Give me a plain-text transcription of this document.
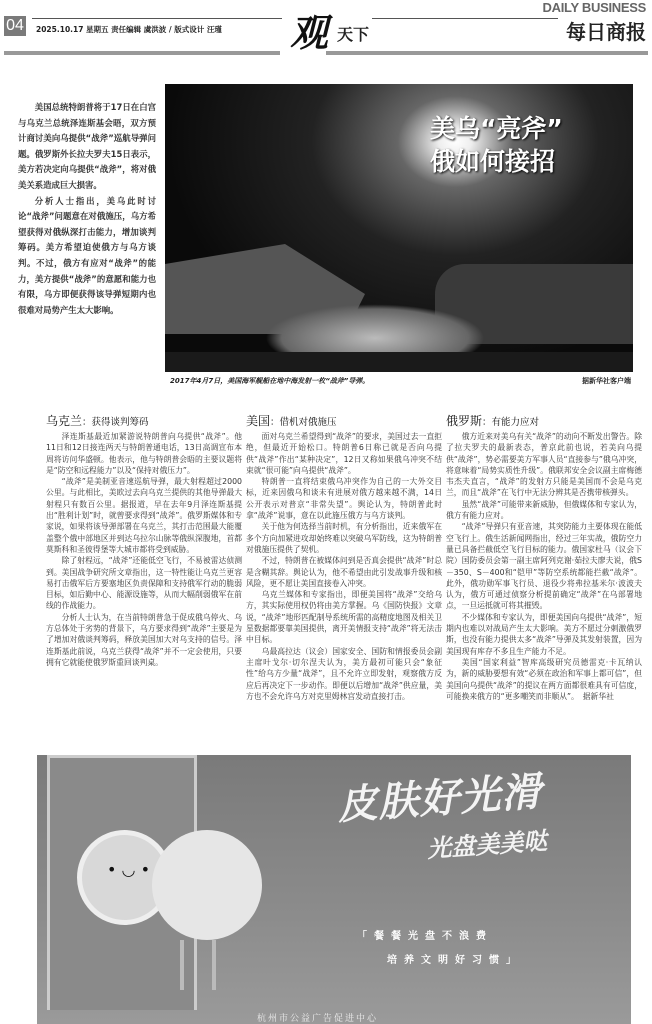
04 2025.10.17 星期五 责任编辑 虞洪波 / 版式设计 汪瑾 观 天下
DAILY BUSINESS
每日商报

美国总统特朗普将于17日在白宫与乌克兰总统泽连斯基会晤，双方预计商讨美向乌提供“战斧”巡航导弹问题。俄罗斯外长拉夫罗夫15日表示，美方若决定向乌提供“战斧”，将对俄美关系造成巨大损害。

分析人士指出，美乌此时讨论“战斧”问题意在对俄施压，乌方希望获得对俄纵深打击能力，增加谈判筹码。美方希望迫使俄方与乌方谈判。不过，俄方有应对“战斧”的能力，美方提供“战斧”的意愿和能力也有限，乌方即便获得该导弹短期内也很难对局势产生太大影响。

美乌“亮斧”
俄如何接招
2017年4月7日，美国海军舰船在地中海发射一枚“战斧”导弹。	据新华社客户端
乌克兰：获得谈判筹码

泽连斯基最近加紧游说特朗普向乌提供“战斧”。他11日和12日接连两天与特朗普通电话，13日高调宣布本周将访问华盛顿。他表示，他与特朗普会晤的主要议题将是“防空和远程能力”以及“保持对俄压力”。

“战斧”是美制亚音速巡航导弹，最大射程超过2000公里。与此相比，美欧过去向乌克兰提供的其他导弹最大射程只有数百公里。据报道，早在去年9月泽连斯基提出“胜利计划”时，就曾要求得到“战斧”。俄罗斯媒体和专家说，如果将该导弹部署在乌克兰，其打击范围最大能覆盖整个俄中部地区并到达乌拉尔山脉等俄纵深腹地，首都莫斯科和圣彼得堡等大城市都将受到威胁。

除了射程远，“战斧”还能低空飞行，不易被雷达侦测到。美国战争研究所文章指出，这一特性能让乌克兰更容易打击俄军后方要塞地区负责保障和支持俄军行动的脆弱目标，如后勤中心、能源设施等，从而大幅削弱俄军在前线的作战能力。

分析人士认为，在当前特朗普急于促成俄乌停火、乌方总体处于劣势的背景下，乌方要求得到“战斧”主要是为了增加对俄谈判筹码，释放美国加大对乌支持的信号。泽连斯基此前说，乌克兰获得“战斧”并不一定会使用，只要拥有它就能使俄罗斯重回谈判桌。

美国：借机对俄施压

面对乌克兰希望得到“战斧”的要求，美国过去一直拒绝，但最近开始松口。特朗普6日称已就是否向乌提供“战斧”作出“某种决定”，12日又称如果俄乌冲突不结束就“很可能”向乌提供“战斧”。

特朗普一直将结束俄乌冲突作为自己的一大外交目标，近来因俄乌和谈未有进展对俄方越来越不满，14日公开表示对普京“非常失望”。舆论认为，特朗普此时拿“战斧”说事，意在以此施压俄方与乌方谈判。

关于他为何选择当前时机，有分析指出，近来俄军在多个方向加紧进攻却始终难以突破乌军防线，这为特朗普对俄施压提供了契机。

不过，特朗普在被媒体问到是否真会提供“战斧”时总是含糊其辞。舆论认为，他不希望由此引发战事升级和核风险，更不愿让美国直接卷入冲突。

乌克兰媒体和专家指出，即便美国将“战斧”交给乌方，其实际使用权仍将由美方掌握。乌《国防快报》文章说，“战斧”地形匹配制导系统所需的高精度地图及相关卫星数据都要靠美国提供，离开美情报支持“战斧”将无法击中目标。

乌最高拉达（议会）国家安全、国防和情报委员会副主席叶戈尔·切尔涅夫认为，美方最初可能只会“象征性”给乌方少量“战斧”，且不允许立即发射，观察俄方反应后再决定下一步动作。即便以后增加“战斧”供应量，美方也不会允许乌方对克里姆林宫发动直接打击。

俄罗斯：有能力应对

俄方近来对美乌有关“战斧”的动向不断发出警告。除了拉夫罗夫的最新表态，普京此前也说，若美向乌提供“战斧”，势必需要美方军事人员“直接参与”俄乌冲突，将意味着“局势实质性升级”。俄联邦安全会议副主席梅德韦杰夫直言，“战斧”的发射方只能是美国而不会是乌克兰，而且“战斧”在飞行中无法分辨其是否携带核弹头。

虽然“战斧”可能带来新威胁，但俄媒体和专家认为，俄方有能力应对。

“战斧”导弹只有亚音速，其突防能力主要体现在能低空飞行上。俄生活新闻网指出，经过三年实战，俄防空力量已具备拦截低空飞行目标的能力。俄国家杜马（议会下院）国防委员会第一副主席阿列克谢·茹拉夫廖夫说，俄S－350、S－400和“铠甲”等防空系统都能拦截“战斧”。此外，俄功勋军事飞行员、退役少将弗拉基米尔·波波夫认为，俄方可通过侦察分析提前确定“战斧”在乌部署地点，一旦运抵就可将其摧毁。

不少媒体和专家认为，即便美国向乌提供“战斧”，短期内也难以对战局产生太大影响。美方不愿过分刺激俄罗斯，也没有能力提供太多“战斧”导弹及其发射装置，因为美国现有库存不多且生产能力不足。

美国“国家利益”智库高级研究员德雷克·卡瓦纳认为，新的威胁要想有效“必须在政治和军事上都可信”，但美国向乌提供“战斧”的提议在两方面都很难具有可信度，可能换来俄方的“更多嘲笑而非顺从”。　据新华社

• ◡ •
皮肤好光滑
光盘美美哒
「餐餐光盘不浪费
培养文明好习惯」
杭州市公益广告促进中心
